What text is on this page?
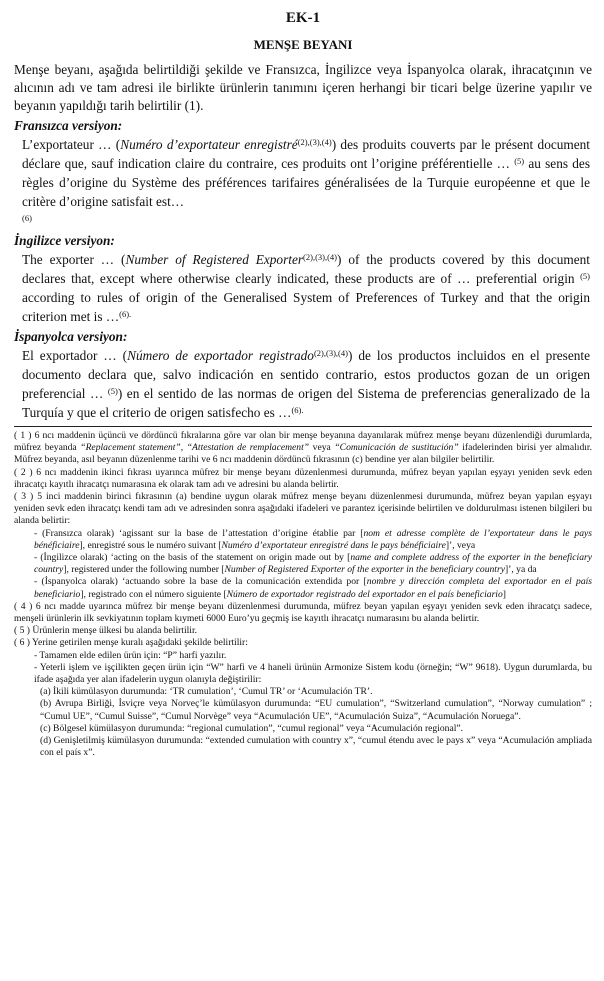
EK-1
MENŞE BEYANI
Menşe beyanı, aşağıda belirtildiği şekilde ve Fransızca, İngilizce veya İspanyolca olarak, ihracatçının ve alıcının adı ve tam adresi ile birlikte ürünlerin tanımını içeren herhangi bir ticari belge üzerine yapılır ve beyanın yapıldığı tarih belirtilir (1).
Fransızca versiyon:
L’exportateur … (Numéro d’exportateur enregistré$^{(2),(3),(4)}$) des produits couverts par le présent document déclare que, sauf indication claire du contraire, ces produits ont l’origine préférentielle … $^{(5)}$ au sens des règles d’origine du Système des préférences tarifaires généralisées de la Turquie européenne et que le critère d’origine satisfait est…
$^{(6)}$
İngilizce versiyon:
The exporter … (Number of Registered Exporter$^{(2),(3),(4)}$) of the products covered by this document declares that, except where otherwise clearly indicated, these products are of … preferential origin $^{(5)}$ according to rules of origin of the Generalised System of Preferences of Turkey and that the origin criterion met is …$^{(6).}$
İspanyolca versiyon:
El exportador … (Número de exportador registrado$^{(2),(3),(4)}$) de los productos incluidos en el presente documento declara que, salvo indicación en sentido contrario, estos productos gozan de un origen preferencial … $^{(5)}$) en el sentido de las normas de origen del Sistema de preferencias generalizado de la Turquía y que el criterio de origen satisfecho es …$^{(6).}$

( 1 ) 6 ncı maddenin üçüncü ve dördüncü fıkralarına göre var olan bir menşe beyanına dayanılarak müfrez menşe beyanı düzenlendiği durumlarda, müfrez beyanda “Replacement statement”, “Attestation de remplacement” veya “Comunicación de sustitución” ifadelerinden birisi yer almalıdır. Müfrez beyanda, asıl beyanın düzenlenme tarihi ve 6 ncı maddenin dördüncü fıkrasının (c) bendine yer alan bilgiler belirtilir.

( 2 ) 6 ncı maddenin ikinci fıkrası uyarınca müfrez bir menşe beyanı düzenlenmesi durumunda, müfrez beyan yapılan eşyayı yeniden sevk eden ihracatçı kayıtlı ihracatçı numarasına ek olarak tam adı ve adresini bu alanda belirtir.

( 3 ) 5 inci maddenin birinci fıkrasının (a) bendine uygun olarak müfrez menşe beyanı düzenlenmesi durumunda, müfrez beyan yapılan eşyayı yeniden sevk eden ihracatçı kendi tam adı ve adresinden sonra aşağıdaki ifadeleri ve parantez içerisinde belirtilen ve doldurulması istenen bilgileri bu alanda belirtir:

- (Fransızca olarak) ‘agissant sur la base de l’attestation d’origine établie par [nom et adresse complète de l’exportateur dans le pays bénéficiaire], enregistré sous le numéro suivant [Numéro d’exportateur enregistré dans le pays bénéficiaire]’, veya

- (İngilizce olarak) ‘acting on the basis of the statement on origin made out by [name and complete address of the exporter in the beneficiary country], registered under the following number [Number of Registered Exporter of the exporter in the beneficiary country]’, ya da

- (İspanyolca olarak) ‘actuando sobre la base de la comunicación extendida por [nombre y dirección completa del exportador en el país beneficiario], registrado con el número siguiente [Número de exportador registrado del exportador en el país beneficiario]

( 4 ) 6 ncı madde uyarınca müfrez bir menşe beyanı düzenlenmesi durumunda, müfrez beyan yapılan eşyayı yeniden sevk eden ihracatçı sadece, menşeli ürünlerin ilk sevkiyatının toplam kıymeti 6000 Euro’yu geçmiş ise kayıtlı ihracatçı numarasını bu alanda belirtir.

( 5 ) Ürünlerin menşe ülkesi bu alanda belirtilir.

( 6 ) Yerine getirilen menşe kuralı aşağıdaki şekilde belirtilir:

- Tamamen elde edilen ürün için: “P” harfi yazılır.

- Yeterli işlem ve işçilikten geçen ürün için “W” harfi ve 4 haneli ürünün Armonize Sistem kodu (örneğin; “W” 9618). Uygun durumlarda, bu ifade aşağıda yer alan ifadelerin uygun olanıyla değiştirilir:

(a) İkili kümülasyon durumunda: ‘TR cumulation’, ‘Cumul TR’ or ‘Acumulación TR’.

(b) Avrupa Birliği, İsviçre veya Norveç’le kümülasyon durumunda: “EU cumulation”, “Switzerland cumulation”, “Norway cumulation” ; “Cumul UE”, “Cumul Suisse”, “Cumul Norvège” veya “Acumulación UE”, “Acumulación Suiza”, “Acumulación Noruega”.

(c) Bölgesel kümülasyon durumunda: “regional cumulation”, “cumul regional” veya “Acumulación regional”.

(d) Genişletilmiş kümülasyon durumunda: “extended cumulation with country x”, “cumul étendu avec le pays x” veya “Acumulación ampliada con el país x”.
